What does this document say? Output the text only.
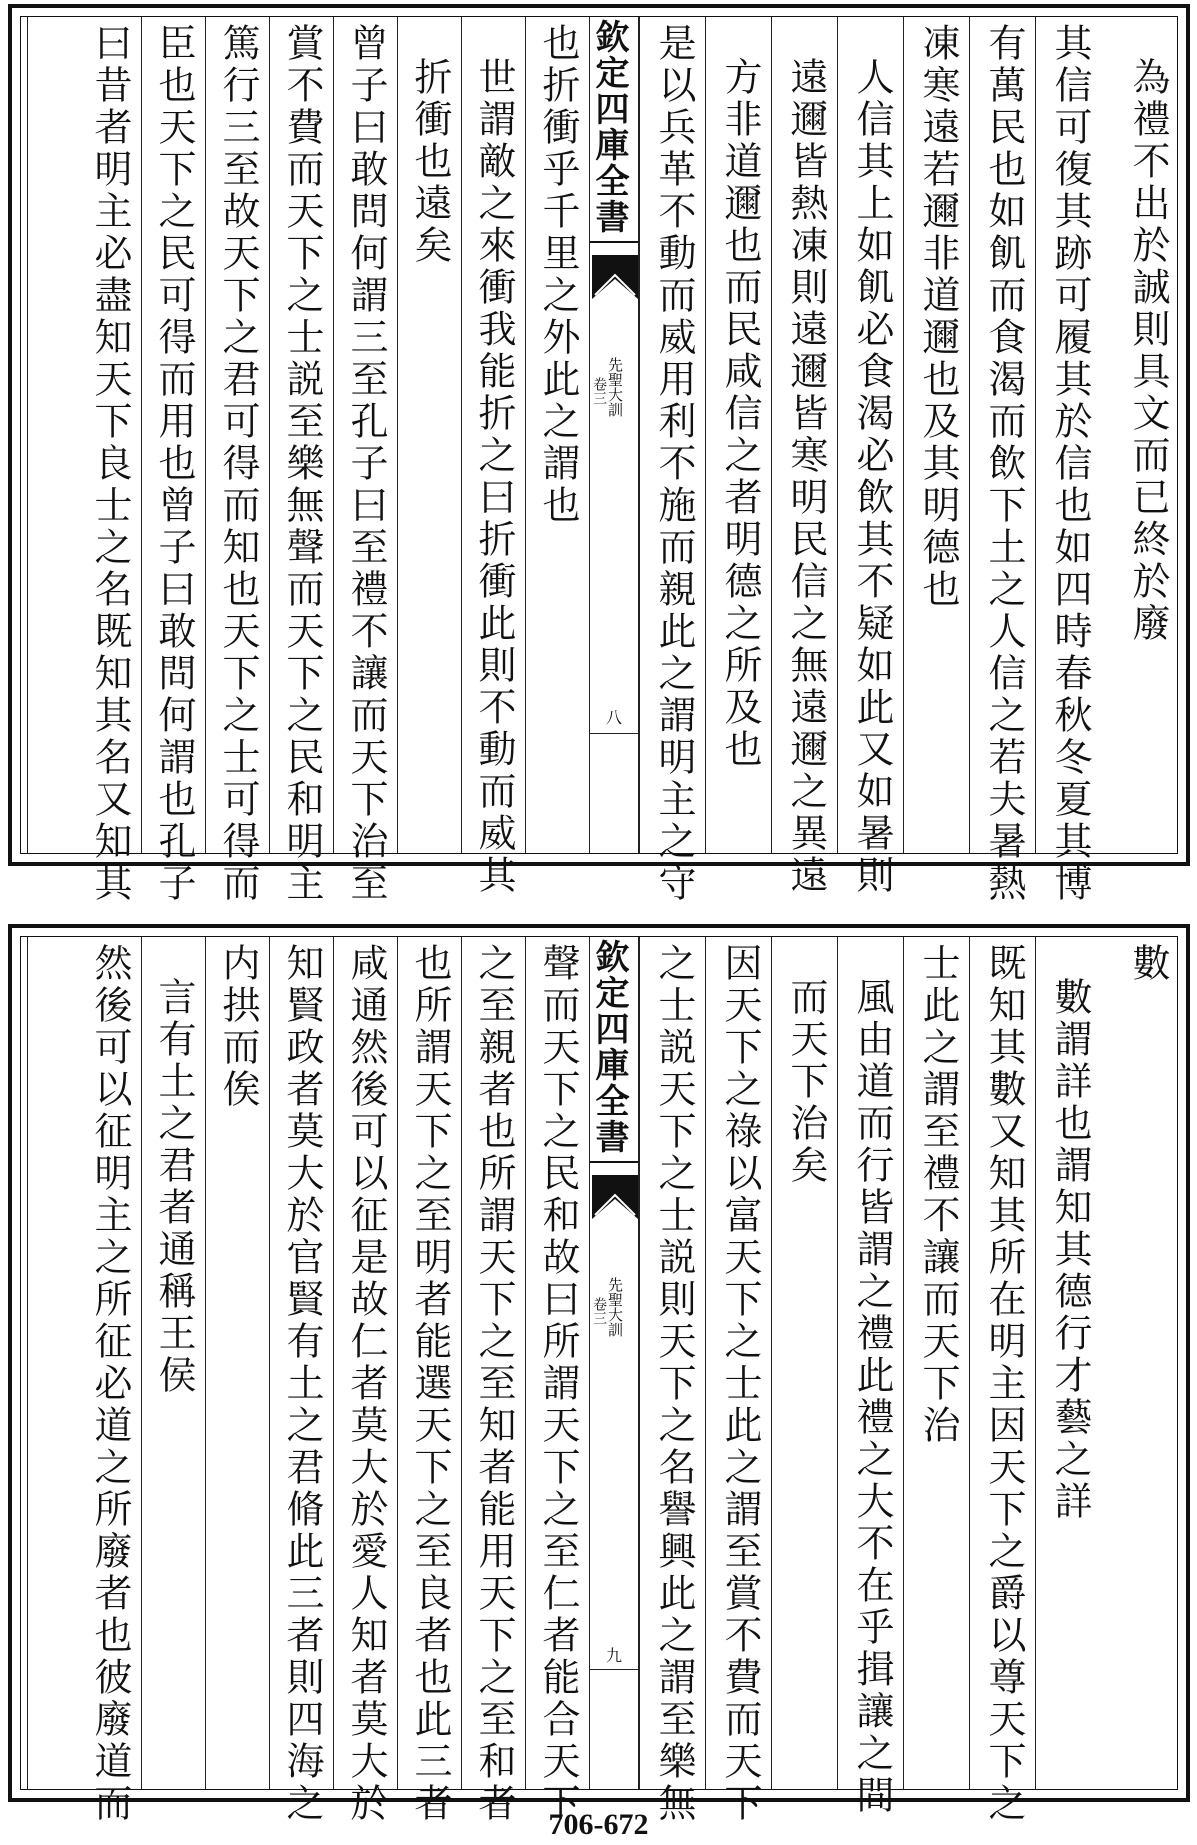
為禮不出於誠則具文而已終於廢
其信可復其跡可履其於信也如四時春秋冬夏其博
有萬民也如飢而食渴而飲下土之人信之若夫暑熱
凍寒遠若邇非道邇也及其明德也
人信其上如飢必食渴必飲其不疑如此又如暑則
遠邇皆熱凍則遠邇皆寒明民信之無遠邇之異遠
方非道邇也而民咸信之者明德之所及也
是以兵革不動而威用利不施而親此之謂明主之守
欽定四庫全書
先聖大訓
卷三
八
也折衝乎千里之外此之謂也
世謂敵之來衝我能折之曰折衝此則不動而威其
折衝也遠矣
曾子曰敢問何謂三至孔子曰至禮不讓而天下治至
賞不費而天下之士説至樂無聲而天下之民和明主
篤行三至故天下之君可得而知也天下之士可得而
臣也天下之民可得而用也曾子曰敢問何謂也孔子
曰昔者明主必盡知天下良士之名既知其名又知其
數
數謂詳也謂知其德行才藝之詳
既知其數又知其所在明主因天下之爵以尊天下之
士此之謂至禮不讓而天下治
風由道而行皆謂之禮此禮之大不在乎揖讓之間
而天下治矣
因天下之祿以富天下之士此之謂至賞不費而天下
之士説天下之士説則天下之名譽興此之謂至樂無
欽定四庫全書
先聖大訓
卷三
九
聲而天下之民和故曰所謂天下之至仁者能合天下
之至親者也所謂天下之至知者能用天下之至和者
也所謂天下之至明者能選天下之至良者也此三者
咸通然後可以征是故仁者莫大於愛人知者莫大於
知賢政者莫大於官賢有土之君脩此三者則四海之
内拱而俟
言有土之君者通稱王侯
然後可以征明主之所征必道之所廢者也彼廢道而	706-672
